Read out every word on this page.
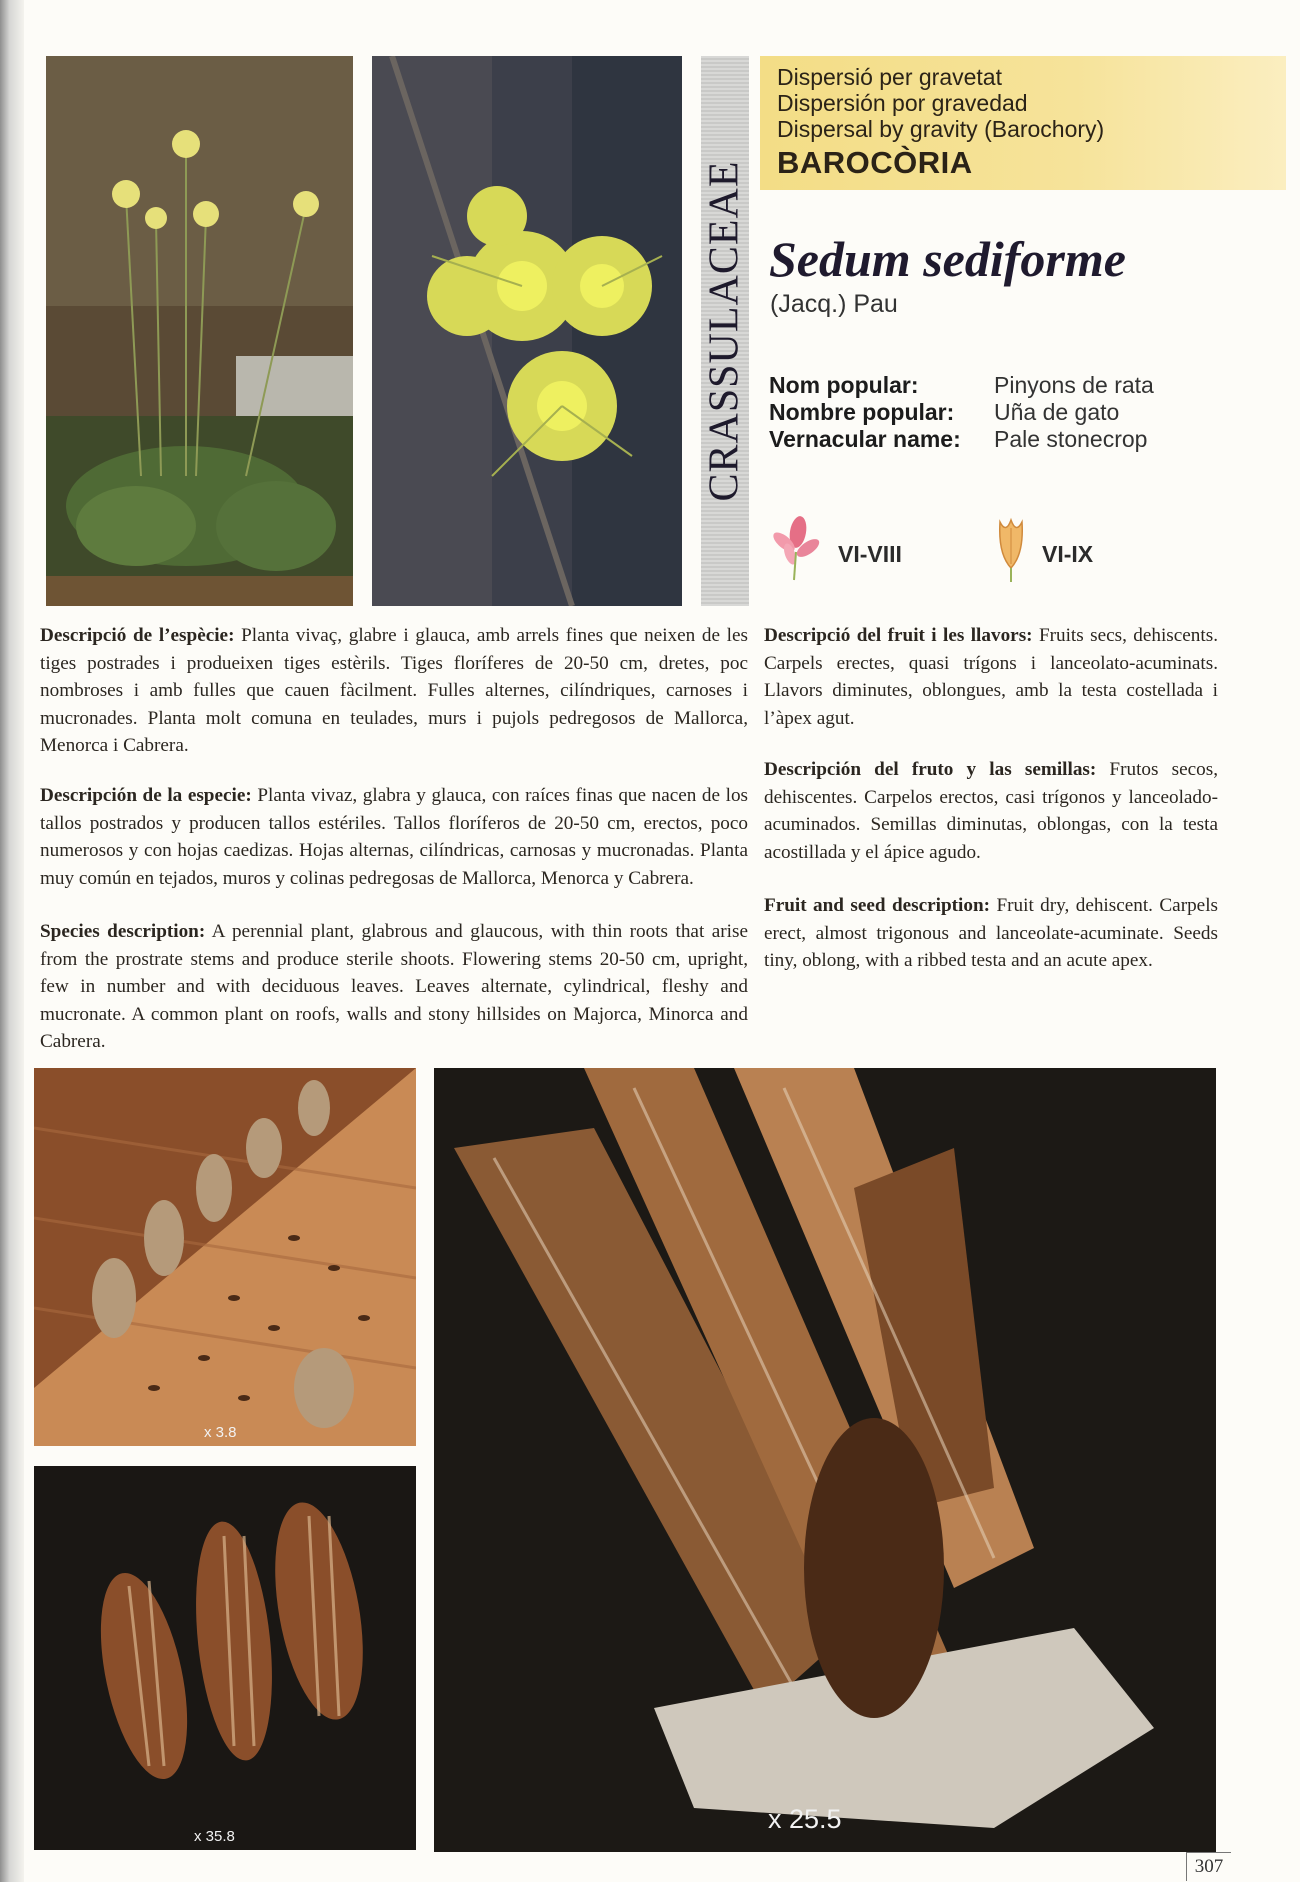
CRASSULACEAE
Dispersió per gravetat
Dispersión por gravedad
Dispersal by gravity (Barochory)
BAROCÒRIA
Sedum sediforme
(Jacq.) Pau
Nom popular:
Nombre popular:
Vernacular name:
Pinyons de rata
Uña de gato
Pale stonecrop
VI-VIII	VI-IX
Descripció de l’espècie: Planta vivaç, glabre i glauca, amb arrels fines que neixen de les tiges postrades i produeixen tiges estèrils. Tiges floríferes de 20-50 cm, dretes, poc nombroses i amb fulles que cauen fàcilment. Fulles alternes, cilíndriques, carnoses i mucronades. Planta molt comuna en teulades, murs i pujols pedregosos de Mallorca, Menorca i Cabrera.
Descripción de la especie: Planta vivaz, glabra y glauca, con raíces finas que nacen de los tallos postrados y producen tallos estériles. Tallos floríferos de 20-50 cm, erectos, poco numerosos y con hojas caedizas. Hojas alternas, cilíndricas, carnosas y mucronadas. Planta muy común en tejados, muros y colinas pedregosas de Mallorca, Menorca y Cabrera.
Species description: A perennial plant, glabrous and glaucous, with thin roots that arise from the prostrate stems and produce sterile shoots. Flowering stems 20-50 cm, upright, few in number and with deciduous leaves. Leaves alternate, cylindrical, fleshy and mucronate. A common plant on roofs, walls and stony hillsides on Majorca, Minorca and Cabrera.
Descripció del fruit i les llavors: Fruits secs, dehiscents. Carpels erectes, quasi trígons i lanceolato-acuminats. Llavors diminutes, oblongues, amb la testa costellada i l’àpex agut.
Descripción del fruto y las semillas: Frutos secos, dehiscentes. Carpelos erectos, casi trígonos y lanceolado-acuminados. Semillas diminutas, oblongas, con la testa acostillada y el ápice agudo.
Fruit and seed description: Fruit dry, dehiscent. Carpels erect, almost trigonous and lanceolate-acuminate. Seeds tiny, oblong, with a ribbed testa and an acute apex.
x 3.8
x 35.8
x 25.5
307
